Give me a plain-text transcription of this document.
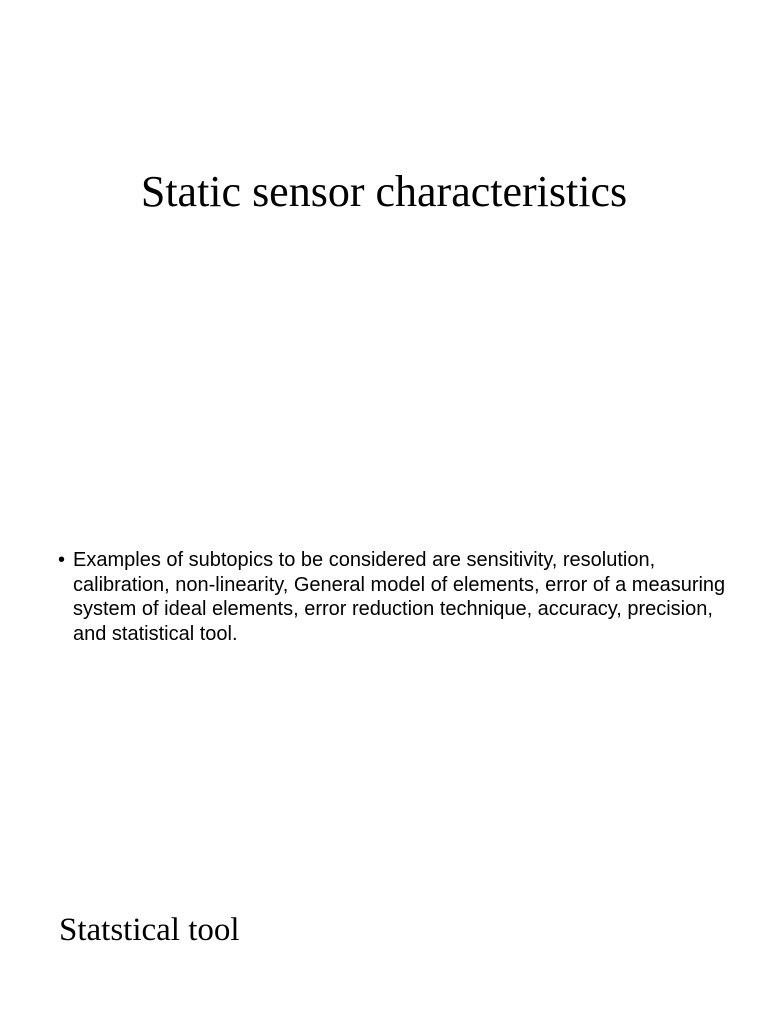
Static sensor characteristics
• Examples of subtopics to be considered are sensitivity, resolution, calibration, non-linearity, General model of elements, error of a measuring system of ideal elements, error reduction technique, accuracy, precision, and statistical tool.
Statstical tool
